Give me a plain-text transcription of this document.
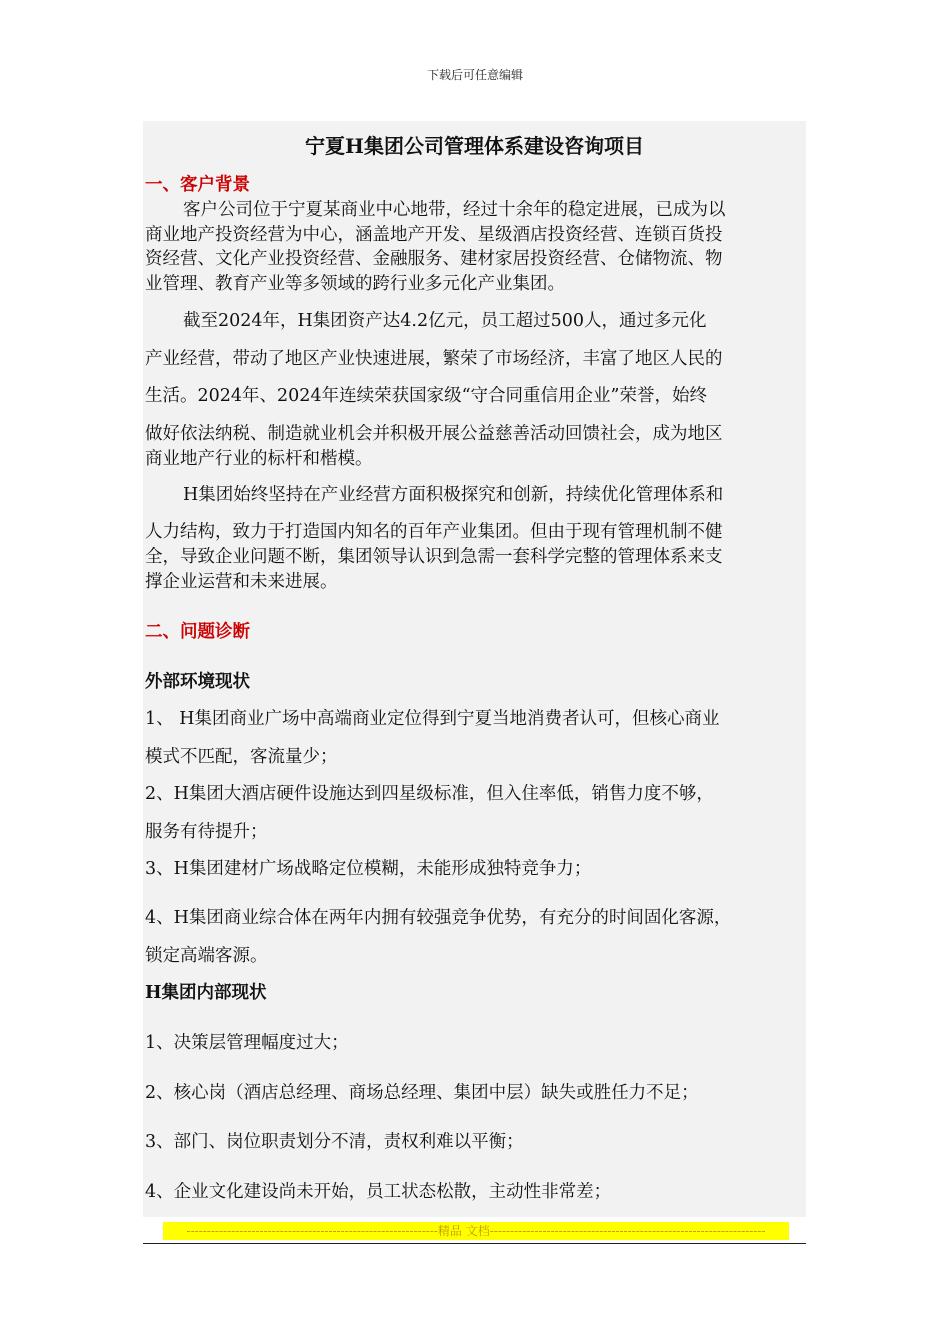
下载后可任意编辑
宁夏H集团公司管理体系建设咨询项目
一、客户背景
客户公司位于宁夏某商业中心地带，经过十余年的稳定进展，已成为以
商业地产投资经营为中心，涵盖地产开发、星级酒店投资经营、连锁百货投
资经营、文化产业投资经营、金融服务、建材家居投资经营、仓储物流、物
业管理、教育产业等多领域的跨行业多元化产业集团。
截至2024年，H集团资产达4.2亿元，员工超过500人，通过多元化
产业经营，带动了地区产业快速进展，繁荣了市场经济，丰富了地区人民的
生活。2024年、2024年连续荣获国家级“守合同重信用企业”荣誉，始终
做好依法纳税、制造就业机会并积极开展公益慈善活动回馈社会，成为地区
商业地产行业的标杆和楷模。
H集团始终坚持在产业经营方面积极探究和创新，持续优化管理体系和
人力结构，致力于打造国内知名的百年产业集团。但由于现有管理机制不健
全，导致企业问题不断，集团领导认识到急需一套科学完整的管理体系来支
撑企业运营和未来进展。
二、问题诊断
外部环境现状
1、 H集团商业广场中高端商业定位得到宁夏当地消费者认可，但核心商业
模式不匹配，客流量少；
2、H集团大酒店硬件设施达到四星级标准，但入住率低，销售力度不够，
服务有待提升；
3、H集团建材广场战略定位模糊，未能形成独特竞争力；
4、H集团商业综合体在两年内拥有较强竞争优势，有充分的时间固化客源，
锁定高端客源。
H集团内部现状
1、决策层管理幅度过大；
2、核心岗（酒店总经理、商场总经理、集团中层）缺失或胜任力不足；
3、部门、岗位职责划分不清，责权利难以平衡；
4、企业文化建设尚未开始，员工状态松散，主动性非常差；
--------------------------------------------------------------精品 文档--------------------------------------------------------------------
